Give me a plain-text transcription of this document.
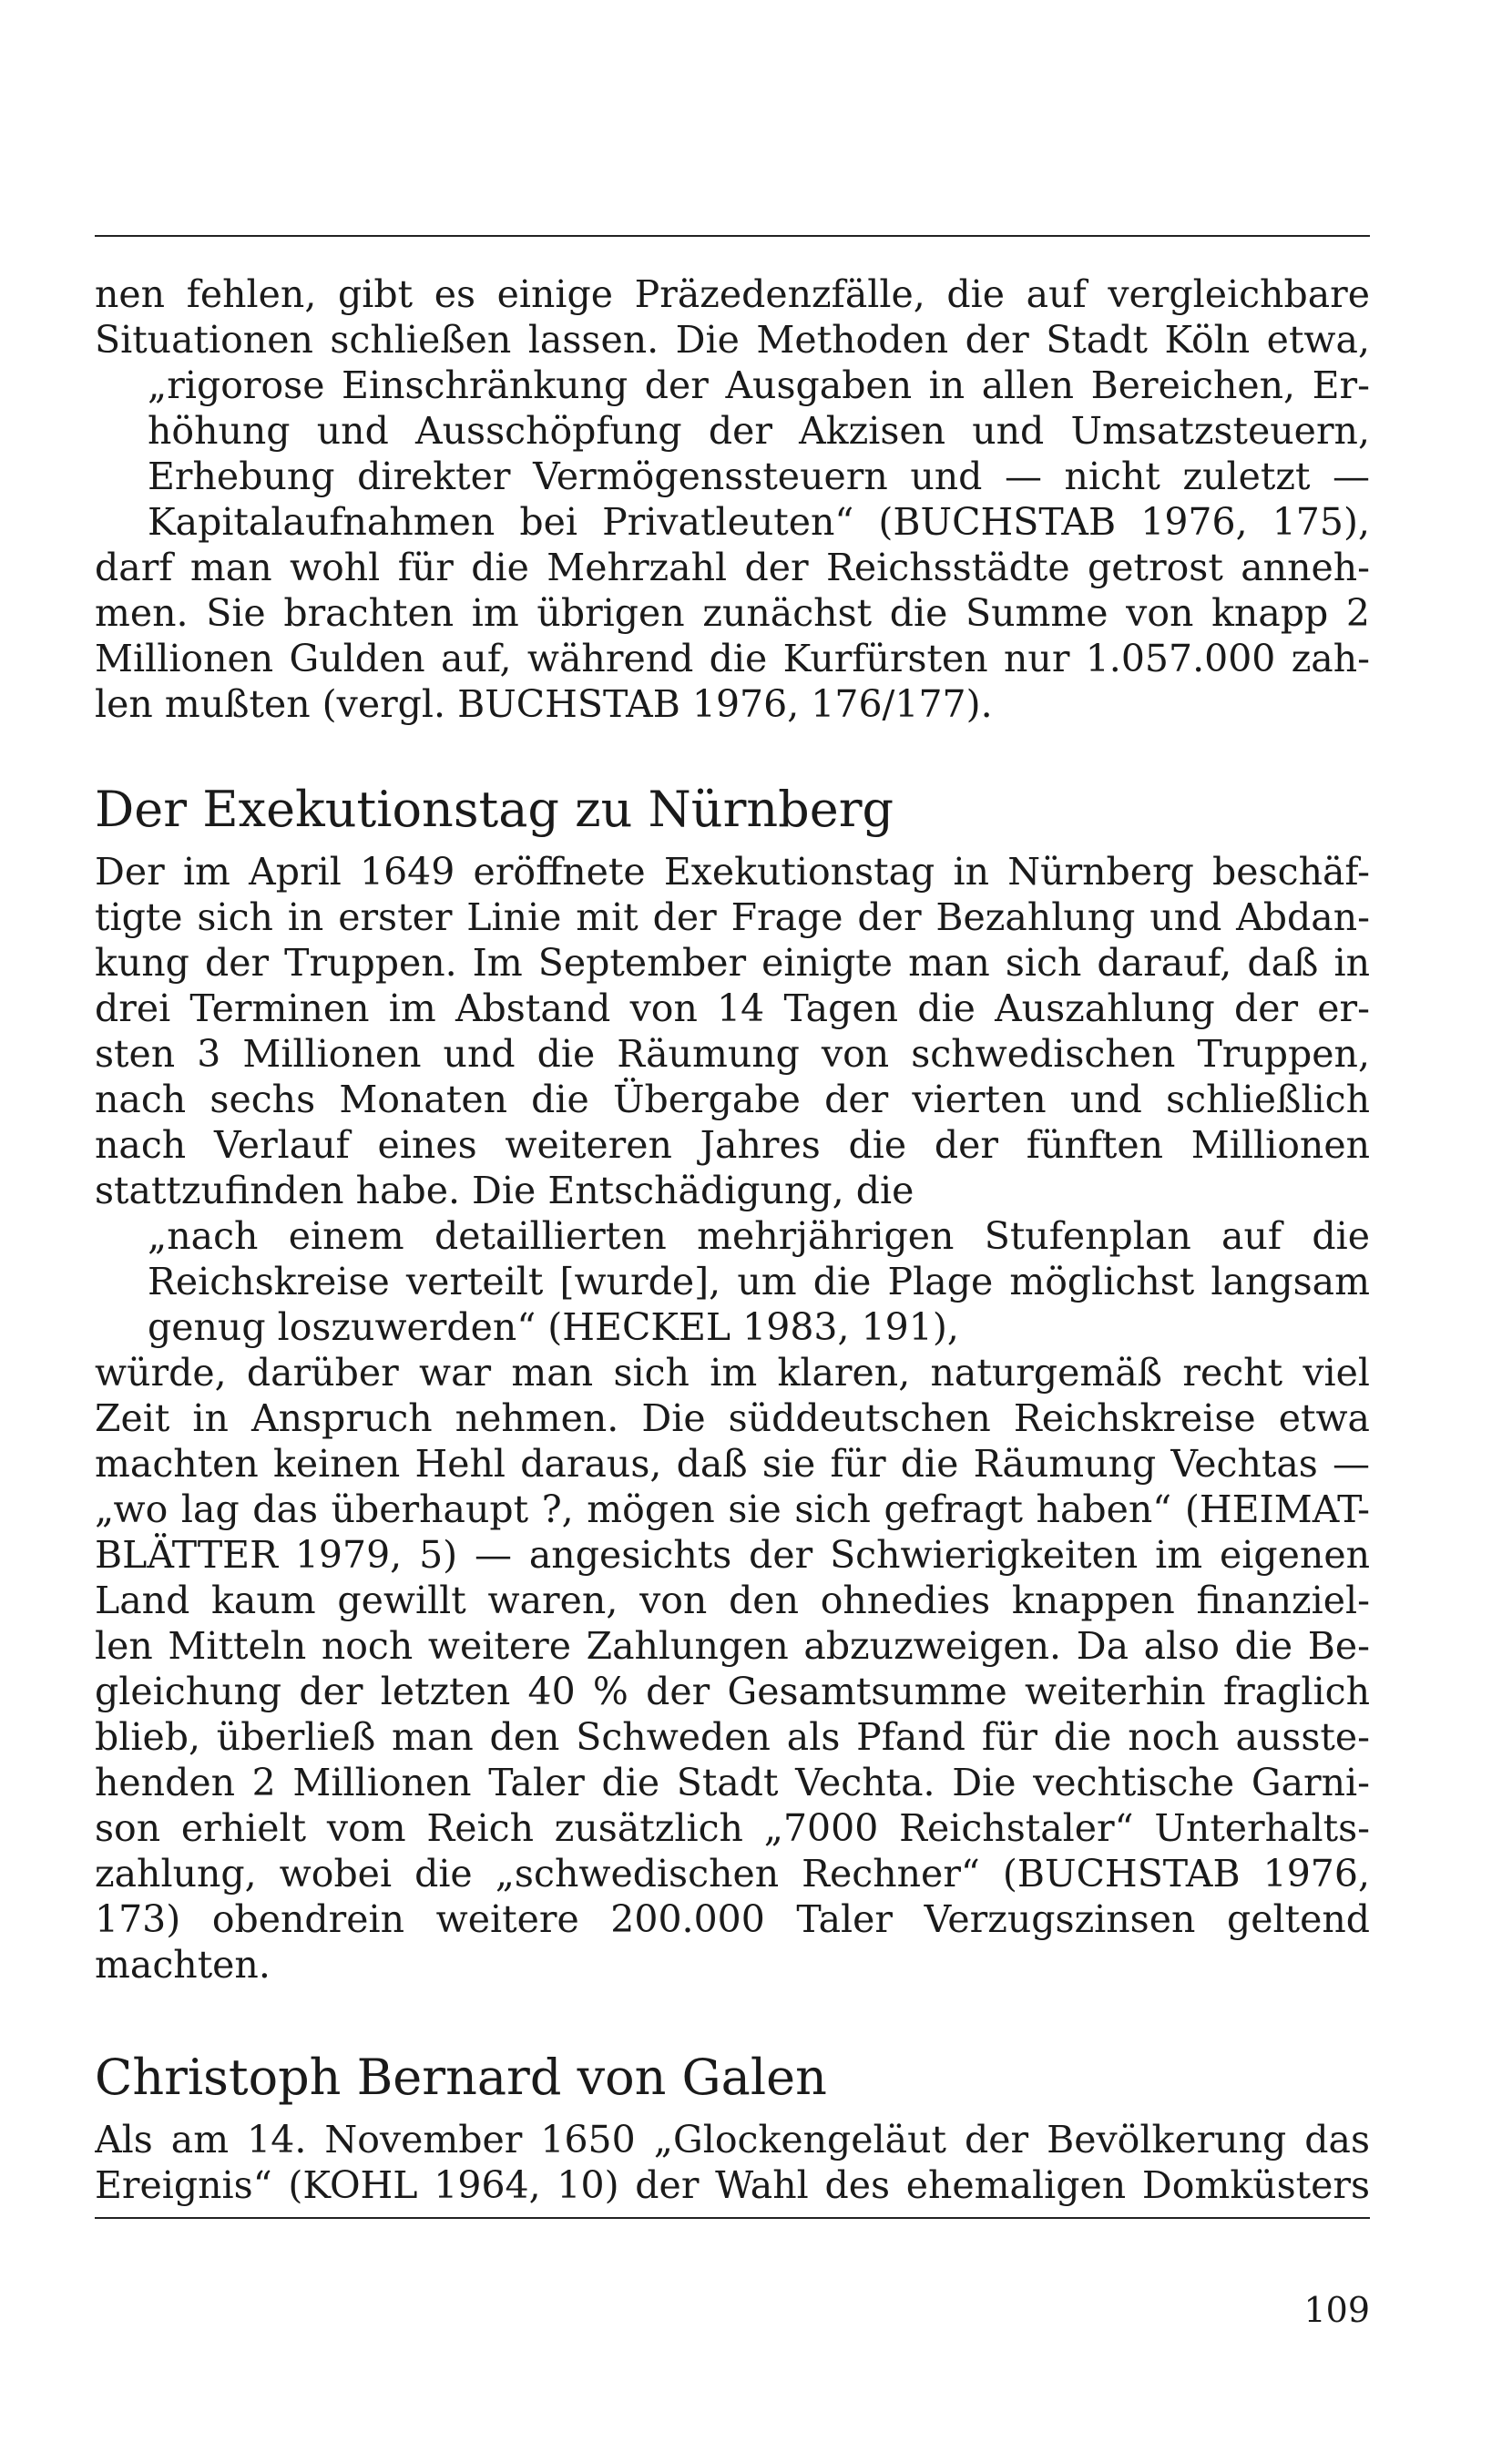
nen fehlen, gibt es einige Präzedenzfälle, die auf vergleichbare
Situationen schließen lassen. Die Methoden der Stadt Köln etwa,
„rigorose Einschränkung der Ausgaben in allen Bereichen, Er-
höhung und Ausschöpfung der Akzisen und Umsatzsteuern,
Erhebung direkter Vermögenssteuern und — nicht zuletzt —
Kapitalaufnahmen bei Privatleuten“ (BUCHSTAB 1976, 175),
darf man wohl für die Mehrzahl der Reichsstädte getrost anneh-
men. Sie brachten im übrigen zunächst die Summe von knapp 2
Millionen Gulden auf, während die Kurfürsten nur 1.057.000 zah-
len mußten (vergl. BUCHSTAB 1976, 176/177).
Der Exekutionstag zu Nürnberg
Der im April 1649 eröffnete Exekutionstag in Nürnberg beschäf-
tigte sich in erster Linie mit der Frage der Bezahlung und Abdan-
kung der Truppen. Im September einigte man sich darauf, daß in
drei Terminen im Abstand von 14 Tagen die Auszahlung der er-
sten 3 Millionen und die Räumung von schwedischen Truppen,
nach sechs Monaten die Übergabe der vierten und schließlich
nach Verlauf eines weiteren Jahres die der fünften Millionen
stattzufinden habe. Die Entschädigung, die
„nach einem detaillierten mehrjährigen Stufenplan auf die
Reichskreise verteilt [wurde], um die Plage möglichst langsam
genug loszuwerden“ (HECKEL 1983, 191),
würde, darüber war man sich im klaren, naturgemäß recht viel
Zeit in Anspruch nehmen. Die süddeutschen Reichskreise etwa
machten keinen Hehl daraus, daß sie für die Räumung Vechtas —
„wo lag das überhaupt ?, mögen sie sich gefragt haben“ (HEIMAT-
BLÄTTER 1979, 5) — angesichts der Schwierigkeiten im eigenen
Land kaum gewillt waren, von den ohnedies knappen finanziel-
len Mitteln noch weitere Zahlungen abzuzweigen. Da also die Be-
gleichung der letzten 40 % der Gesamtsumme weiterhin fraglich
blieb, überließ man den Schweden als Pfand für die noch ausste-
henden 2 Millionen Taler die Stadt Vechta. Die vechtische Garni-
son erhielt vom Reich zusätzlich „7000 Reichstaler“ Unterhalts-
zahlung, wobei die „schwedischen Rechner“ (BUCHSTAB 1976,
173) obendrein weitere 200.000 Taler Verzugszinsen geltend
machten.
Christoph Bernard von Galen
Als am 14. November 1650 „Glockengeläut der Bevölkerung das
Ereignis“ (KOHL 1964, 10) der Wahl des ehemaligen Domküsters
109
